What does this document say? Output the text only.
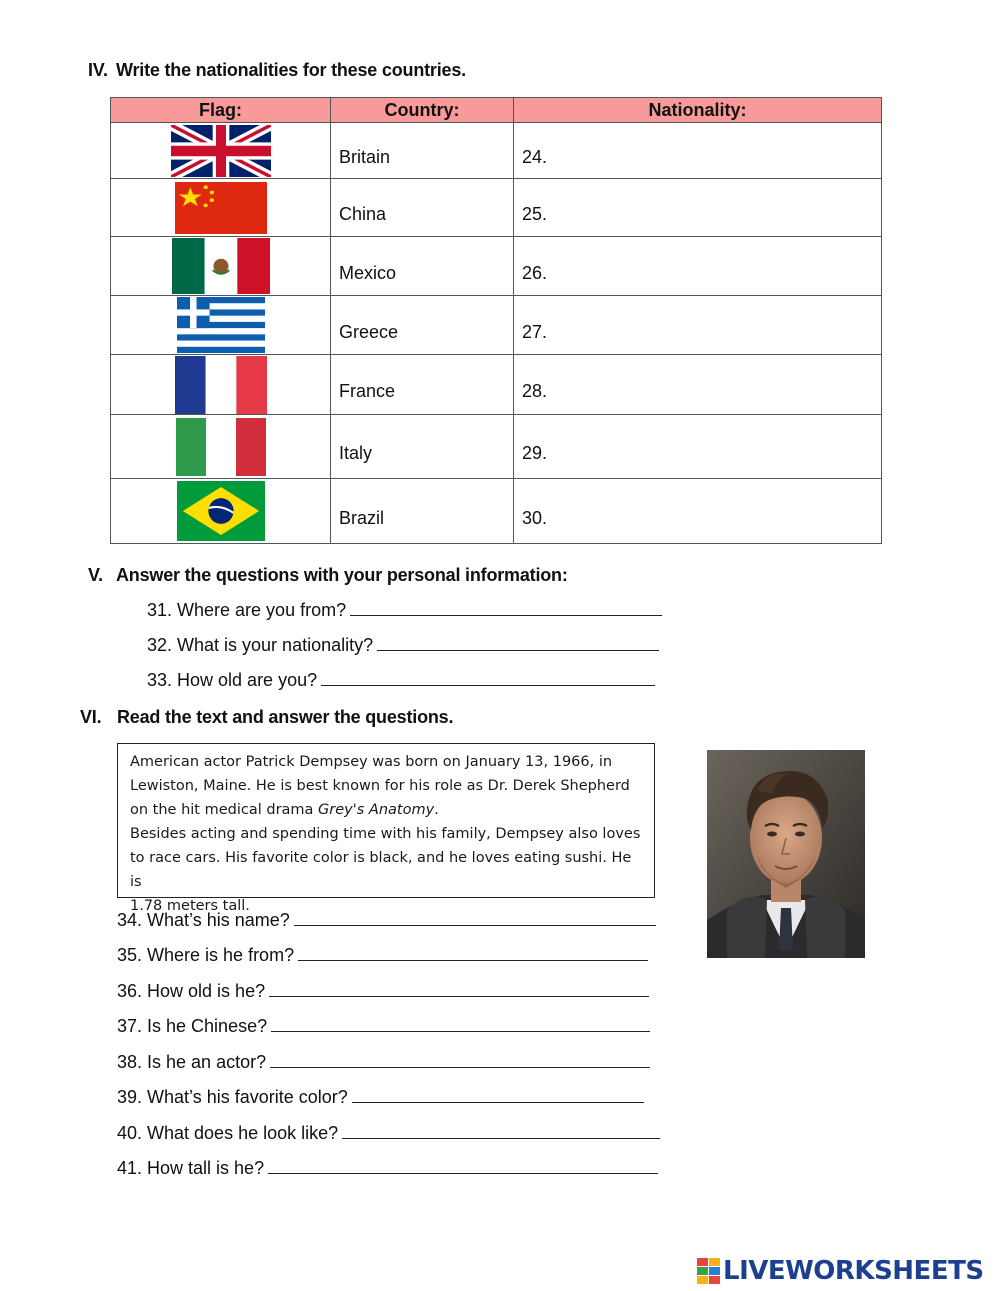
IV. Write the nationalities for these countries.
Flag:	Country:	Nationality:

	Britain	24.

	China	25.

	Mexico	26.

	Greece	27.

	France	28.

	Italy	29.

	Brazil	30.
V. Answer the questions with your personal information:
31. Where are you from?
32. What is your nationality?
33. How old are you?
VI. Read the text and answer the questions.
American actor Patrick Dempsey was born on January 13, 1966, in
Lewiston, Maine. He is best known for his role as Dr. Derek Shepherd
on the hit medical drama Grey's Anatomy.
Besides acting and spending time with his family, Dempsey also loves
to race cars. His favorite color is black, and he loves eating sushi. He is
1.78 meters tall.
34. What’s his name?
35. Where is he from?
36. How old is he?
37. Is he Chinese?
38. Is he an actor?
39. What’s his favorite color?
40. What does he look like?
41. How tall is he?
LIVEWORKSHEETS
